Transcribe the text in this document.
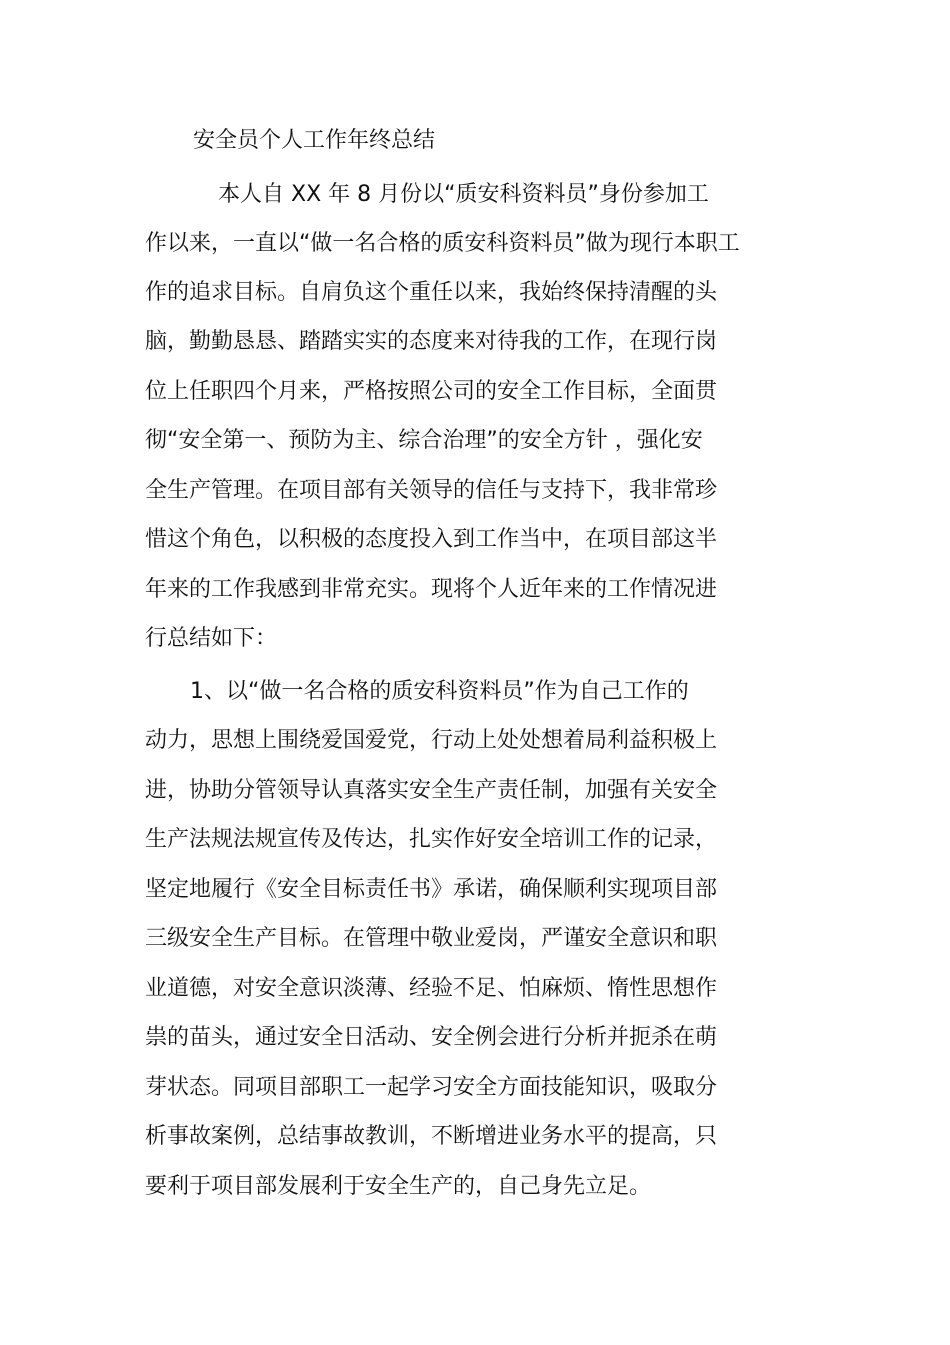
安全员个人工作年终总结
本人自 XX 年 8 月份以“质安科资料员”身份参加工
作以来，一直以“做一名合格的质安科资料员”做为现行本职工
作的追求目标。自肩负这个重任以来，我始终保持清醒的头
脑，勤勤恳恳、踏踏实实的态度来对待我的工作，在现行岗
位上任职四个月来，严格按照公司的安全工作目标，全面贯
彻“安全第一、预防为主、综合治理”的安全方针 ，强化安
全生产管理。在项目部有关领导的信任与支持下，我非常珍
惜这个角色，以积极的态度投入到工作当中，在项目部这半
年来的工作我感到非常充实。现将个人近年来的工作情况进
行总结如下：
1、以“做一名合格的质安科资料员”作为自己工作的
动力，思想上围绕爱国爱党，行动上处处想着局利益积极上
进，协助分管领导认真落实安全生产责任制，加强有关安全
生产法规法规宣传及传达，扎实作好安全培训工作的记录，
坚定地履行《安全目标责任书》承诺，确保顺利实现项目部
三级安全生产目标。在管理中敬业爱岗，严谨安全意识和职
业道德，对安全意识淡薄、经验不足、怕麻烦、惰性思想作
祟的苗头，通过安全日活动、安全例会进行分析并扼杀在萌
芽状态。同项目部职工一起学习安全方面技能知识，吸取分
析事故案例，总结事故教训，不断增进业务水平的提高，只
要利于项目部发展利于安全生产的，自己身先立足。
